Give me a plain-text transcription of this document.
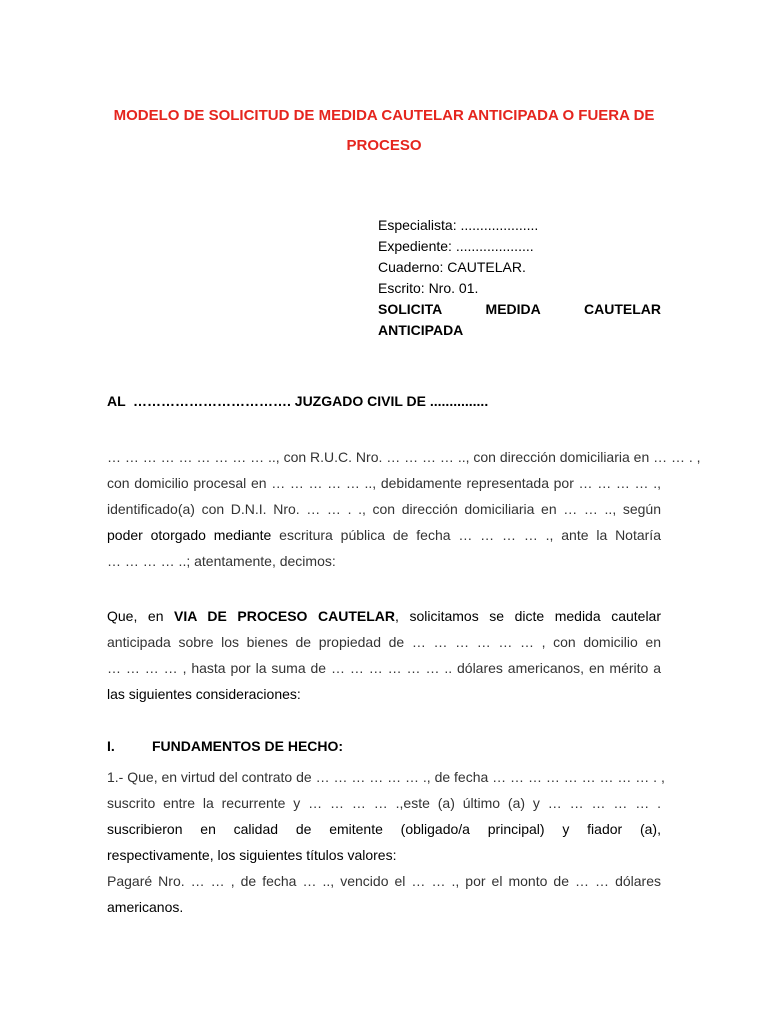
MODELO DE SOLICITUD DE MEDIDA CAUTELAR ANTICIPADA O FUERA DE
PROCESO
Especialista: ....................
Expediente: ....................
Cuaderno: CAUTELAR.
Escrito: Nro. 01.
SOLICITA MEDIDA CAUTELAR
ANTICIPADA
AL ……………………………. JUZGADO CIVIL DE ...............
… … … … … … … … … .., con R.U.C. Nro. … … … … .., con dirección domiciliaria en … … . ,
con domicilio procesal en … … … … … .., debidamente representada por … … … … .,
identificado(a) con D.N.I. Nro. … … . ., con dirección domiciliaria en … … .., según
poder otorgado mediante escritura pública de fecha … … … … ., ante la Notaría
… … … … ..; atentamente, decimos:
Que, en VIA DE PROCESO CAUTELAR, solicitamos se dicte medida cautelar
anticipada sobre los bienes de propiedad de … … … … … … , con domicilio en
… … … … , hasta por la suma de … … … … … … .. dólares americanos, en mérito a
las siguientes consideraciones:
I.	FUNDAMENTOS DE HECHO:
1.- Que, en virtud del contrato de … … … … … … ., de fecha … … … … … … … … … . ,
suscrito entre la recurrente y … … … … .,este (a) último (a) y … … … … … .
suscribieron en calidad de emitente (obligado/a principal) y fiador (a),
respectivamente, los siguientes títulos valores:
Pagaré Nro. … … , de fecha … .., vencido el … … ., por el monto de … … dólares
americanos.
